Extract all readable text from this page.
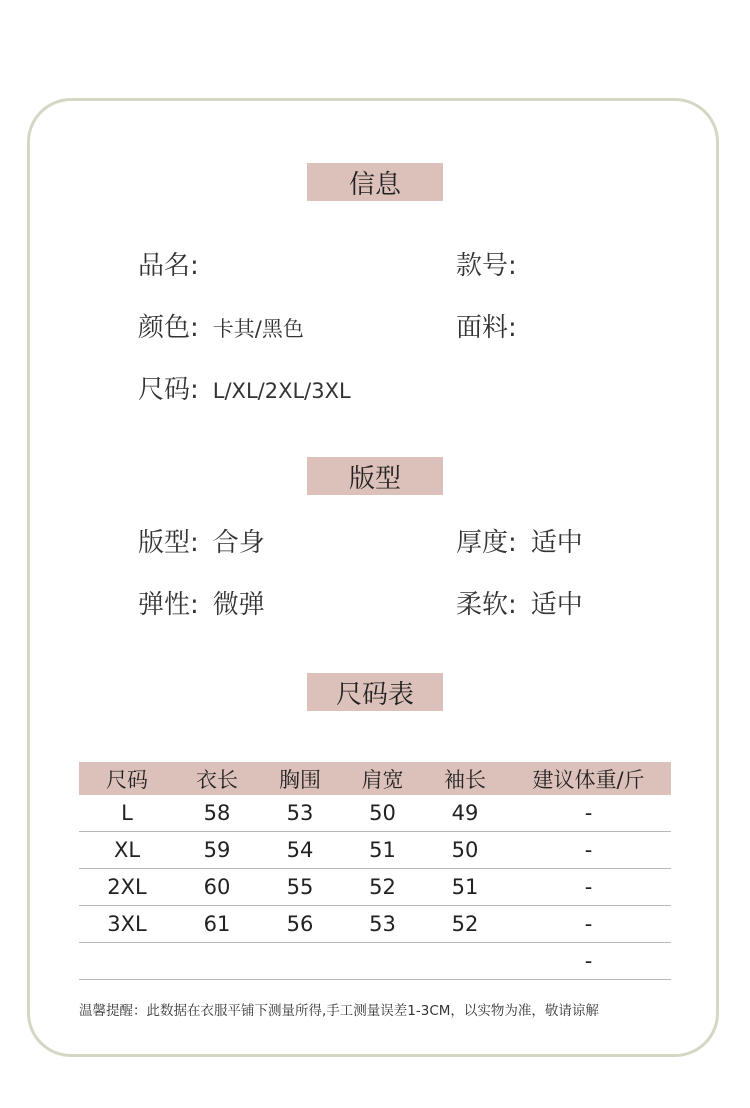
信息
品名 :	款号 :
颜色 : 卡其/黑色	面料 :
尺码 : L/XL/2XL/3XL
版型
版型 : 合身	厚度 : 适中
弹性 : 微弹	柔软 : 适中
尺码表
尺码	衣长	胸围	肩宽	袖长	建议体重/斤
L	58	53	50	49	-
XL	59	54	51	50	-
2XL	60	55	52	51	-
3XL	61	56	53	52	-
					-
温馨提醒：此数据在衣服平铺下测量所得,手工测量误差1-3CM，以实物为准，敬请谅解
